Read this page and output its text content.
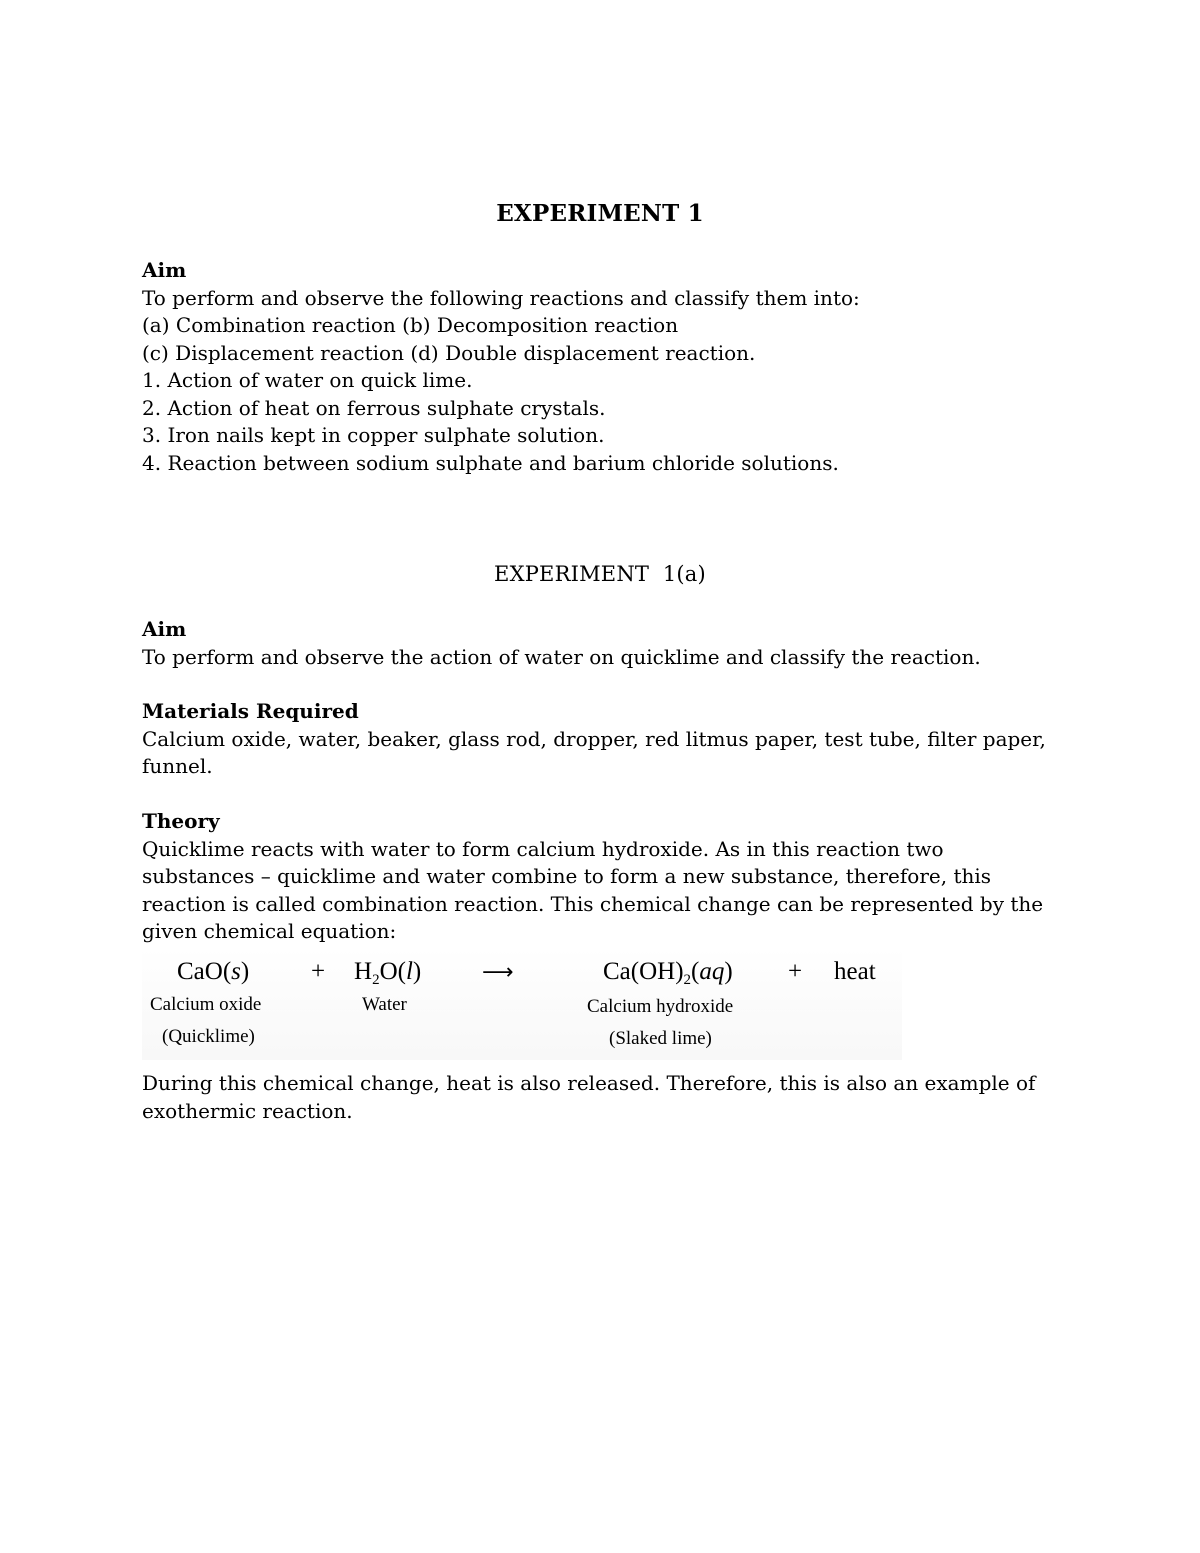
EXPERIMENT 1
Aim
To perform and observe the following reactions and classify them into:
(a) Combination reaction (b) Decomposition reaction
(c) Displacement reaction (d) Double displacement reaction.
1. Action of water on quick lime.
2. Action of heat on ferrous sulphate crystals.
3. Iron nails kept in copper sulphate solution.
4. Reaction between sodium sulphate and barium chloride solutions.
EXPERIMENT  1(a)
Aim
To perform and observe the action of water on quicklime and classify the reaction.
Materials Required
Calcium oxide, water, beaker, glass rod, dropper, red litmus paper, test tube, filter paper, funnel.
Theory
Quicklime reacts with water to form calcium hydroxide. As in this reaction two substances – quicklime and water combine to form a new substance, therefore, this reaction is called combination reaction. This chemical change can be represented by the given chemical equation:
CaO(s)
Calcium oxide
(Quicklime)
+ $H_2O(l)$
Water
⟶	$Ca(OH)_2(aq)$
Calcium hydroxide
(Slaked lime)
+ heat
During this chemical change, heat is also released. Therefore, this is also an example of exothermic reaction.
